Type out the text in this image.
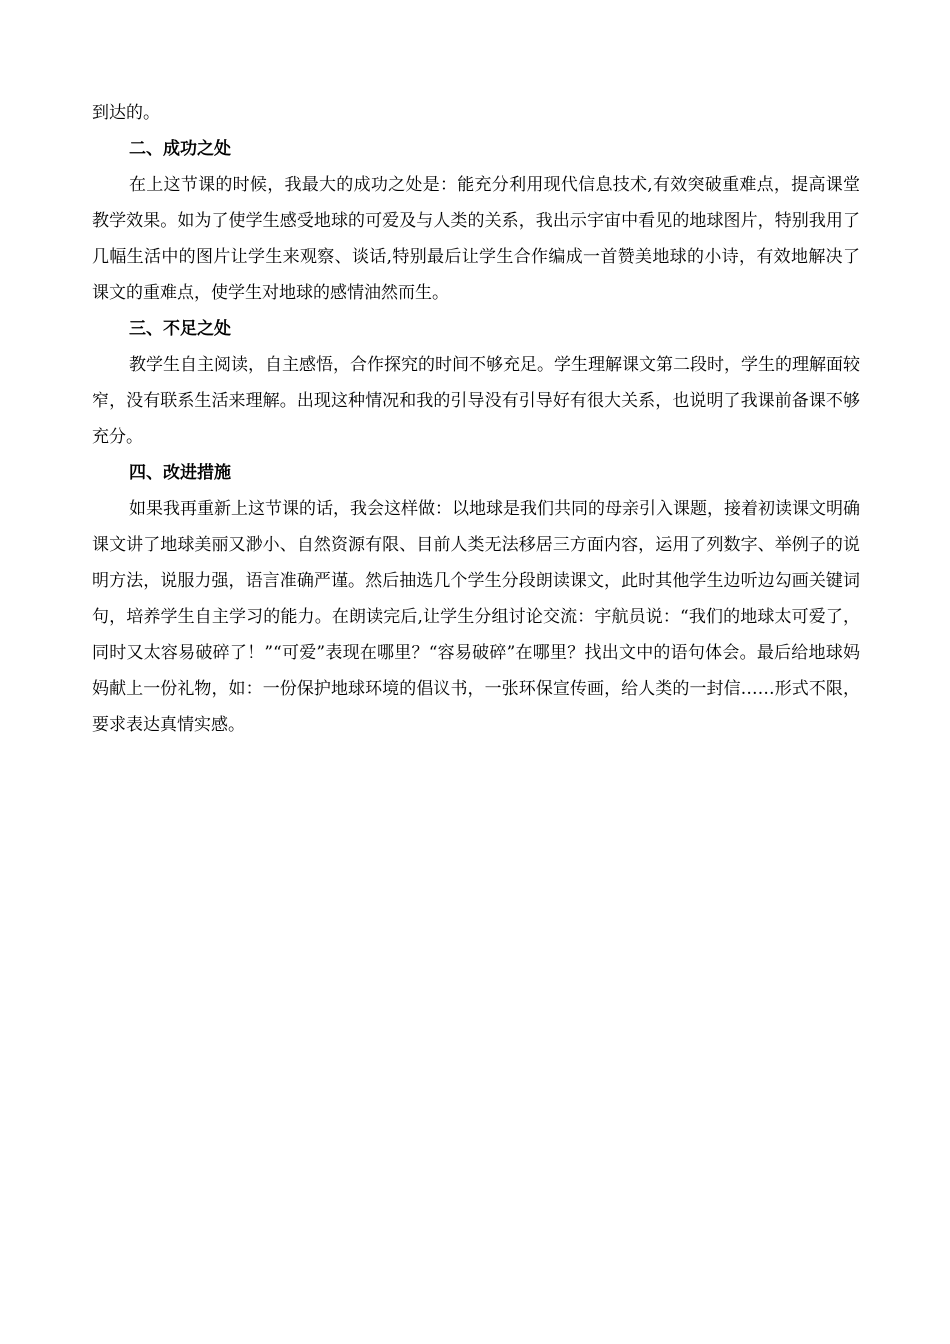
到达的。

二、成功之处

在上这节课的时候，我最大的成功之处是：能充分利用现代信息技术,有效突破重难点，提高课堂教学效果。如为了使学生感受地球的可爱及与人类的关系，我出示宇宙中看见的地球图片，特别我用了几幅生活中的图片让学生来观察、谈话,特别最后让学生合作编成一首赞美地球的小诗，有效地解决了课文的重难点，使学生对地球的感情油然而生。

三、不足之处

教学生自主阅读，自主感悟，合作探究的时间不够充足。学生理解课文第二段时，学生的理解面较窄，没有联系生活来理解。出现这种情况和我的引导没有引导好有很大关系，也说明了我课前备课不够充分。

四、改进措施

如果我再重新上这节课的话，我会这样做：以地球是我们共同的母亲引入课题，接着初读课文明确课文讲了地球美丽又渺小、自然资源有限、目前人类无法移居三方面内容，运用了列数字、举例子的说明方法，说服力强，语言准确严谨。然后抽选几个学生分段朗读课文，此时其他学生边听边勾画关键词句，培养学生自主学习的能力。在朗读完后,让学生分组讨论交流：宇航员说：“我们的地球太可爱了，同时又太容易破碎了！”“可爱”表现在哪里？“容易破碎”在哪里？找出文中的语句体会。最后给地球妈妈献上一份礼物，如：一份保护地球环境的倡议书，一张环保宣传画，给人类的一封信……形式不限，要求表达真情实感。
